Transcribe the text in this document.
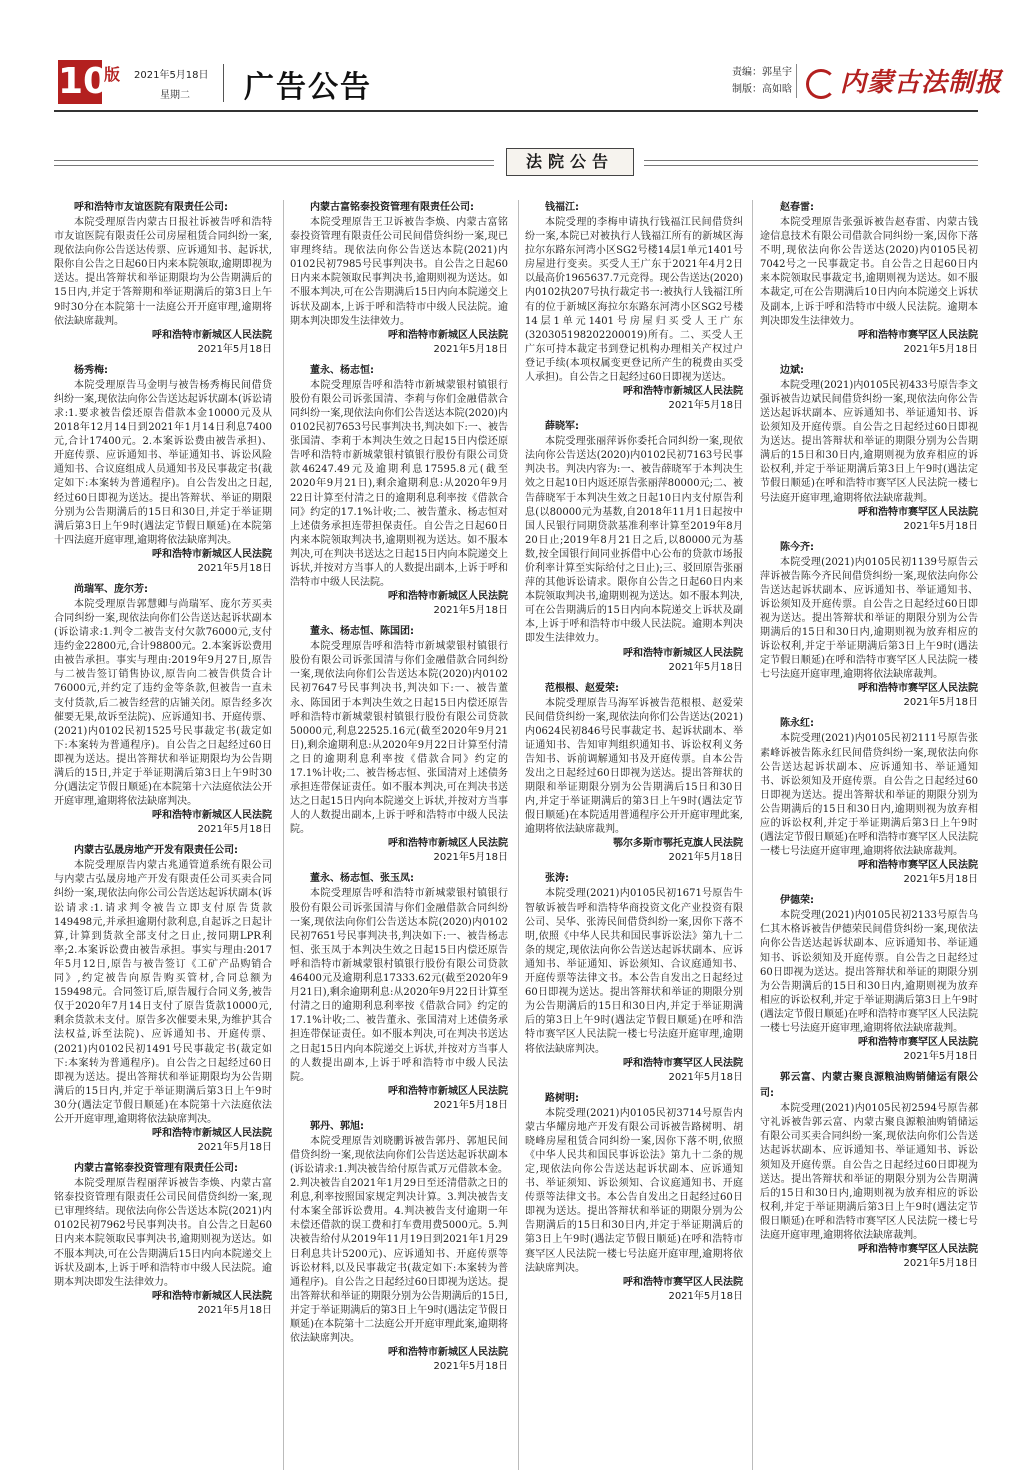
10
版 2021年5月18日
星期二 广告公告	责编：郭星宇
制版：高如晗	内蒙古法制报
法院公告

呼和浩特市友谊医院有限责任公司:

本院受理原告内蒙古日报社诉被告呼和浩特市友谊医院有限责任公司房屋租赁合同纠纷一案,现依法向你公告送达传票、应诉通知书、起诉状,限你自公告之日起60日内来本院领取,逾期即视为送达。提出答辩状和举证期限均为公告期满后的15日内,并定于答辩期和举证期满后的第3日上午9时30分在本院第十一法庭公开开庭审理,逾期将依法缺席裁判。

呼和浩特市新城区人民法院

2021年5月18日

杨秀梅:

本院受理原告马金明与被告杨秀梅民间借贷纠纷一案,现依法向你公告送达起诉状副本(诉讼请求:1.要求被告偿还原告借款本金10000元及从2018年12月14日到2021年1月14日利息7400元,合计17400元。2.本案诉讼费由被告承担)、开庭传票、应诉通知书、举证通知书、诉讼风险通知书、合议庭组成人员通知书及民事裁定书(裁定如下:本案转为普通程序)。自公告发出之日起,经过60日即视为送达。提出答辩状、举证的期限分别为公告期满后的15日和30日,并定于举证期满后第3日上午9时(遇法定节假日顺延)在本院第十四法庭开庭审理,逾期将依法缺席判决。

呼和浩特市新城区人民法院

2021年5月18日

尚瑞军、庞尔芳:

本院受理原告郭慧卿与尚瑞军、庞尔芳买卖合同纠纷一案,现依法向你们公告送达起诉状副本(诉讼请求:1.判令二被告支付欠款76000元,支付违约金22800元,合计98800元。2.本案诉讼费用由被告承担。事实与理由:2019年9月27日,原告与二被告签订销售协议,原告向二被告供货合计76000元,并约定了违约金等条款,但被告一直未支付货款,后二被告经营的店铺关闭。原告经多次催要无果,故诉至法院)、应诉通知书、开庭传票、(2021)内0102民初1525号民事裁定书(裁定如下:本案转为普通程序)。自公告之日起经过60日即视为送达。提出答辩状和举证期限均为公告期满后的15日,并定于举证期满后第3日上午9时30分(遇法定节假日顺延)在本院第十六法庭依法公开开庭审理,逾期将依法缺席判决。

呼和浩特市新城区人民法院

2021年5月18日

内蒙古弘晟房地产开发有限责任公司:

本院受理原告内蒙古兆通管道系统有限公司与内蒙古弘晟房地产开发有限责任公司买卖合同纠纷一案,现依法向你公司公告送达起诉状副本(诉讼请求:1.请求判令被告立即支付原告货款149498元,并承担逾期付款利息,自起诉之日起计算,计算到货款全部支付之日止,按同期LPR利率;2.本案诉讼费由被告承担。事实与理由:2017年5月12日,原告与被告签订《工矿产品购销合同》,约定被告向原告购买管材,合同总额为159498元。合同签订后,原告履行合同义务,被告仅于2020年7月14日支付了原告货款10000元,剩余货款未支付。原告多次催要未果,为维护其合法权益,诉至法院)、应诉通知书、开庭传票、(2021)内0102民初1491号民事裁定书(裁定如下:本案转为普通程序)。自公告之日起经过60日即视为送达。提出答辩状和举证期限均为公告期满后的15日内,并定于举证期满后第3日上午9时30分(遇法定节假日顺延)在本院第十六法庭依法公开开庭审理,逾期将依法缺席判决。

呼和浩特市新城区人民法院

2021年5月18日

内蒙古富铭泰投资管理有限责任公司:

本院受理原告程丽萍诉被告李焕、内蒙古富铭泰投资管理有限责任公司民间借贷纠纷一案,现已审理终结。现依法向你公告送达本院(2021)内0102民初7962号民事判决书。自公告之日起60日内来本院领取民事判决书,逾期则视为送达。如不服本判决,可在公告期满后15日内向本院递交上诉状及副本,上诉于呼和浩特市中级人民法院。逾期本判决即发生法律效力。

呼和浩特市新城区人民法院

2021年5月18日

内蒙古富铭泰投资管理有限责任公司:

本院受理原告王卫诉被告李焕、内蒙古富铭泰投资管理有限责任公司民间借贷纠纷一案,现已审理终结。现依法向你公告送达本院(2021)内0102民初7985号民事判决书。自公告之日起60日内来本院领取民事判决书,逾期则视为送达。如不服本判决,可在公告期满后15日内向本院递交上诉状及副本,上诉于呼和浩特市中级人民法院。逾期本判决即发生法律效力。

呼和浩特市新城区人民法院

2021年5月18日

董永、杨志恒:

本院受理原告呼和浩特市新城蒙银村镇银行股份有限公司诉张国清、李莉与你们金融借款合同纠纷一案,现依法向你们公告送达本院(2020)内0102民初7653号民事判决书,判决如下:一、被告张国清、李莉于本判决生效之日起15日内偿还原告呼和浩特市新城蒙银村镇银行股份有限公司贷款46247.49元及逾期利息17595.8元(截至2020年9月21日),剩余逾期利息:从2020年9月22日计算至付清之日的逾期利息利率按《借款合同》约定的17.1%计收;二、被告董永、杨志恒对上述债务承担连带担保责任。自公告之日起60日内来本院领取判决书,逾期则视为送达。如不服本判决,可在判决书送达之日起15日内向本院递交上诉状,并按对方当事人的人数提出副本,上诉于呼和浩特市中级人民法院。

呼和浩特市新城区人民法院

2021年5月18日

董永、杨志恒、陈国团:

本院受理原告呼和浩特市新城蒙银村镇银行股份有限公司诉张国清与你们金融借款合同纠纷一案,现依法向你们公告送达本院(2020)内0102民初7647号民事判决书,判决如下:一、被告董永、陈国团于本判决生效之日起15日内偿还原告呼和浩特市新城蒙银村镇银行股份有限公司贷款50000元,利息22525.16元(截至2020年9月21日),剩余逾期利息:从2020年9月22日计算至付清之日的逾期利息利率按《借款合同》约定的17.1%计收;二、被告杨志恒、张国清对上述债务承担连带保证责任。如不服本判决,可在判决书送达之日起15日内向本院递交上诉状,并按对方当事人的人数提出副本,上诉于呼和浩特市中级人民法院。

呼和浩特市新城区人民法院

2021年5月18日

董永、杨志恒、张玉凤:

本院受理原告呼和浩特市新城蒙银村镇银行股份有限公司诉张国清与你们金融借款合同纠纷一案,现依法向你们公告送达本院(2020)内0102民初7651号民事判决书,判决如下:一、被告杨志恒、张玉凤于本判决生效之日起15日内偿还原告呼和浩特市新城蒙银村镇银行股份有限公司贷款46400元及逾期利息17333.62元(截至2020年9月21日),剩余逾期利息:从2020年9月22日计算至付清之日的逾期利息利率按《借款合同》约定的17.1%计收;二、被告董永、张国清对上述债务承担连带保证责任。如不服本判决,可在判决书送达之日起15日内向本院递交上诉状,并按对方当事人的人数提出副本,上诉于呼和浩特市中级人民法院。

呼和浩特市新城区人民法院

2021年5月18日

郭丹、郭旭:

本院受理原告刘晓鹏诉被告郭丹、郭旭民间借贷纠纷一案,现依法向你们公告送达起诉状副本(诉讼请求:1.判决被告给付原告贰万元借款本金。2.判决被告自2021年1月29日至还清借款之日的利息,利率按照国家规定判决计算。3.判决被告支付本案全部诉讼费用。4.判决被告支付逾期一年未偿还借款的误工费和打车费用费5000元。5.判决被告给付从2019年11月19日到2021年1月29日利息共计5200元)、应诉通知书、开庭传票等诉讼材料,以及民事裁定书(裁定如下:本案转为普通程序)。自公告之日起经过60日即视为送达。提出答辩状和举证的期限分别为公告期满后的15日,并定于举证期满后的第3日上午9时(遇法定节假日顺延)在本院第十二法庭公开开庭审理此案,逾期将依法缺席判决。

呼和浩特市新城区人民法院

2021年5月18日

钱福江:

本院受理的李梅申请执行钱福江民间借贷纠纷一案,本院已对被执行人钱福江所有的新城区海拉尔东路东河湾小区SG2号楼14层1单元1401号房屋进行变卖。买受人王广东于2021年4月2日以最高价1965637.7元竞得。现公告送达(2020)内0102执207号执行裁定书一:被执行人钱福江所有的位于新城区海拉尔东路东河湾小区SG2号楼14层1单元1401号房屋归买受人王广东(320305198202200019)所有。二、买受人王广东可持本裁定书到登记机构办理相关产权过户登记手续(本项权属变更登记所产生的税费由买受人承担)。自公告之日起经过60日即视为送达。

呼和浩特市新城区人民法院

2021年5月18日

薛晓军:

本院受理张丽萍诉你委托合同纠纷一案,现依法向你公告送达(2020)内0102民初7163号民事判决书。判决内容为:一、被告薛晓军于本判决生效之日起10日内返还原告张丽萍80000元;二、被告薛晓军于本判决生效之日起10日内支付原告利息(以80000元为基数,自2018年11月1日起按中国人民银行同期贷款基准利率计算至2019年8月20日止;2019年8月21日之后,以80000元为基数,按全国银行间同业拆借中心公布的贷款市场报价利率计算至实际给付之日止);三、驳回原告张丽萍的其他诉讼请求。限你自公告之日起60日内来本院领取判决书,逾期则视为送达。如不服本判决,可在公告期满后的15日内向本院递交上诉状及副本,上诉于呼和浩特市中级人民法院。逾期本判决即发生法律效力。

呼和浩特市新城区人民法院

2021年5月18日

范根根、赵爱荣:

本院受理原告马海军诉被告范根根、赵爱荣民间借贷纠纷一案,现依法向你们公告送达(2021)内0624民初846号民事裁定书、起诉状副本、举证通知书、告知审判组织通知书、诉讼权利义务告知书、诉前调解通知书及开庭传票。自本公告发出之日起经过60日即视为送达。提出答辩状的期限和举证期限分别为公告期满后15日和30日内,并定于举证期满后的第3日上午9时(遇法定节假日顺延)在本院适用普通程序公开开庭审理此案,逾期将依法缺席裁判。

鄂尔多斯市鄂托克旗人民法院

2021年5月18日

张涛:

本院受理(2021)内0105民初1671号原告牛智敏诉被告呼和浩特华商投资文化产业投资有限公司、吴华、张涛民间借贷纠纷一案,因你下落不明,依照《中华人民共和国民事诉讼法》第九十二条的规定,现依法向你公告送达起诉状副本、应诉通知书、举证通知、诉讼须知、合议庭通知书、开庭传票等法律文书。本公告自发出之日起经过60日即视为送达。提出答辩状和举证的期限分别为公告期满后的15日和30日内,并定于举证期满后的第3日上午9时(遇法定节假日顺延)在呼和浩特市赛罕区人民法院一楼七号法庭开庭审理,逾期将依法缺席判决。

呼和浩特市赛罕区人民法院

2021年5月18日

路树明:

本院受理(2021)内0105民初3714号原告内蒙古华耀房地产开发有限公司诉被告路树明、胡晓峰房屋租赁合同纠纷一案,因你下落不明,依照《中华人民共和国民事诉讼法》第九十二条的规定,现依法向你公告送达起诉状副本、应诉通知书、举证须知、诉讼须知、合议庭通知书、开庭传票等法律文书。本公告自发出之日起经过60日即视为送达。提出答辩状和举证的期限分别为公告期满后的15日和30日内,并定于举证期满后的第3日上午9时(遇法定节假日顺延)在呼和浩特市赛罕区人民法院一楼七号法庭开庭审理,逾期将依法缺席判决。

呼和浩特市赛罕区人民法院

2021年5月18日

赵春雷:

本院受理原告张强诉被告赵春雷、内蒙古钱途信息技术有限公司借款合同纠纷一案,因你下落不明,现依法向你公告送达(2020)内0105民初7042号之一民事裁定书。自公告之日起60日内来本院领取民事裁定书,逾期则视为送达。如不服本裁定,可在公告期满后10日内向本院递交上诉状及副本,上诉于呼和浩特市中级人民法院。逾期本判决即发生法律效力。

呼和浩特市赛罕区人民法院

2021年5月18日

边斌:

本院受理(2021)内0105民初433号原告李文强诉被告边斌民间借贷纠纷一案,现依法向你公告送达起诉状副本、应诉通知书、举证通知书、诉讼须知及开庭传票。自公告之日起经过60日即视为送达。提出答辩状和举证的期限分别为公告期满后的15日和30日内,逾期则视为放弃相应的诉讼权利,并定于举证期满后第3日上午9时(遇法定节假日顺延)在呼和浩特市赛罕区人民法院一楼七号法庭开庭审理,逾期将依法缺席裁判。

呼和浩特市赛罕区人民法院

2021年5月18日

陈今齐:

本院受理(2021)内0105民初1139号原告云萍诉被告陈今齐民间借贷纠纷一案,现依法向你公告送达起诉状副本、应诉通知书、举证通知书、诉讼须知及开庭传票。自公告之日起经过60日即视为送达。提出答辩状和举证的期限分别为公告期满后的15日和30日内,逾期则视为放弃相应的诉讼权利,并定于举证期满后第3日上午9时(遇法定节假日顺延)在呼和浩特市赛罕区人民法院一楼七号法庭开庭审理,逾期将依法缺席裁判。

呼和浩特市赛罕区人民法院

2021年5月18日

陈永红:

本院受理(2021)内0105民初2111号原告张素峰诉被告陈永红民间借贷纠纷一案,现依法向你公告送达起诉状副本、应诉通知书、举证通知书、诉讼须知及开庭传票。自公告之日起经过60日即视为送达。提出答辩状和举证的期限分别为公告期满后的15日和30日内,逾期则视为放弃相应的诉讼权利,并定于举证期满后第3日上午9时(遇法定节假日顺延)在呼和浩特市赛罕区人民法院一楼七号法庭开庭审理,逾期将依法缺席裁判。

呼和浩特市赛罕区人民法院

2021年5月18日

伊德荣:

本院受理(2021)内0105民初2133号原告乌仁其木格诉被告伊德荣民间借贷纠纷一案,现依法向你公告送达起诉状副本、应诉通知书、举证通知书、诉讼须知及开庭传票。自公告之日起经过60日即视为送达。提出答辩状和举证的期限分别为公告期满后的15日和30日内,逾期则视为放弃相应的诉讼权利,并定于举证期满后第3日上午9时(遇法定节假日顺延)在呼和浩特市赛罕区人民法院一楼七号法庭开庭审理,逾期将依法缺席裁判。

呼和浩特市赛罕区人民法院

2021年5月18日

郭云富、内蒙古聚良源粮油购销储运有限公司:

本院受理(2021)内0105民初2594号原告郝守礼诉被告郭云富、内蒙古聚良源粮油购销储运有限公司买卖合同纠纷一案,现依法向你们公告送达起诉状副本、应诉通知书、举证通知书、诉讼须知及开庭传票。自公告之日起经过60日即视为送达。提出答辩状和举证的期限分别为公告期满后的15日和30日内,逾期则视为放弃相应的诉讼权利,并定于举证期满后第3日上午9时(遇法定节假日顺延)在呼和浩特市赛罕区人民法院一楼七号法庭开庭审理,逾期将依法缺席裁判。

呼和浩特市赛罕区人民法院

2021年5月18日
